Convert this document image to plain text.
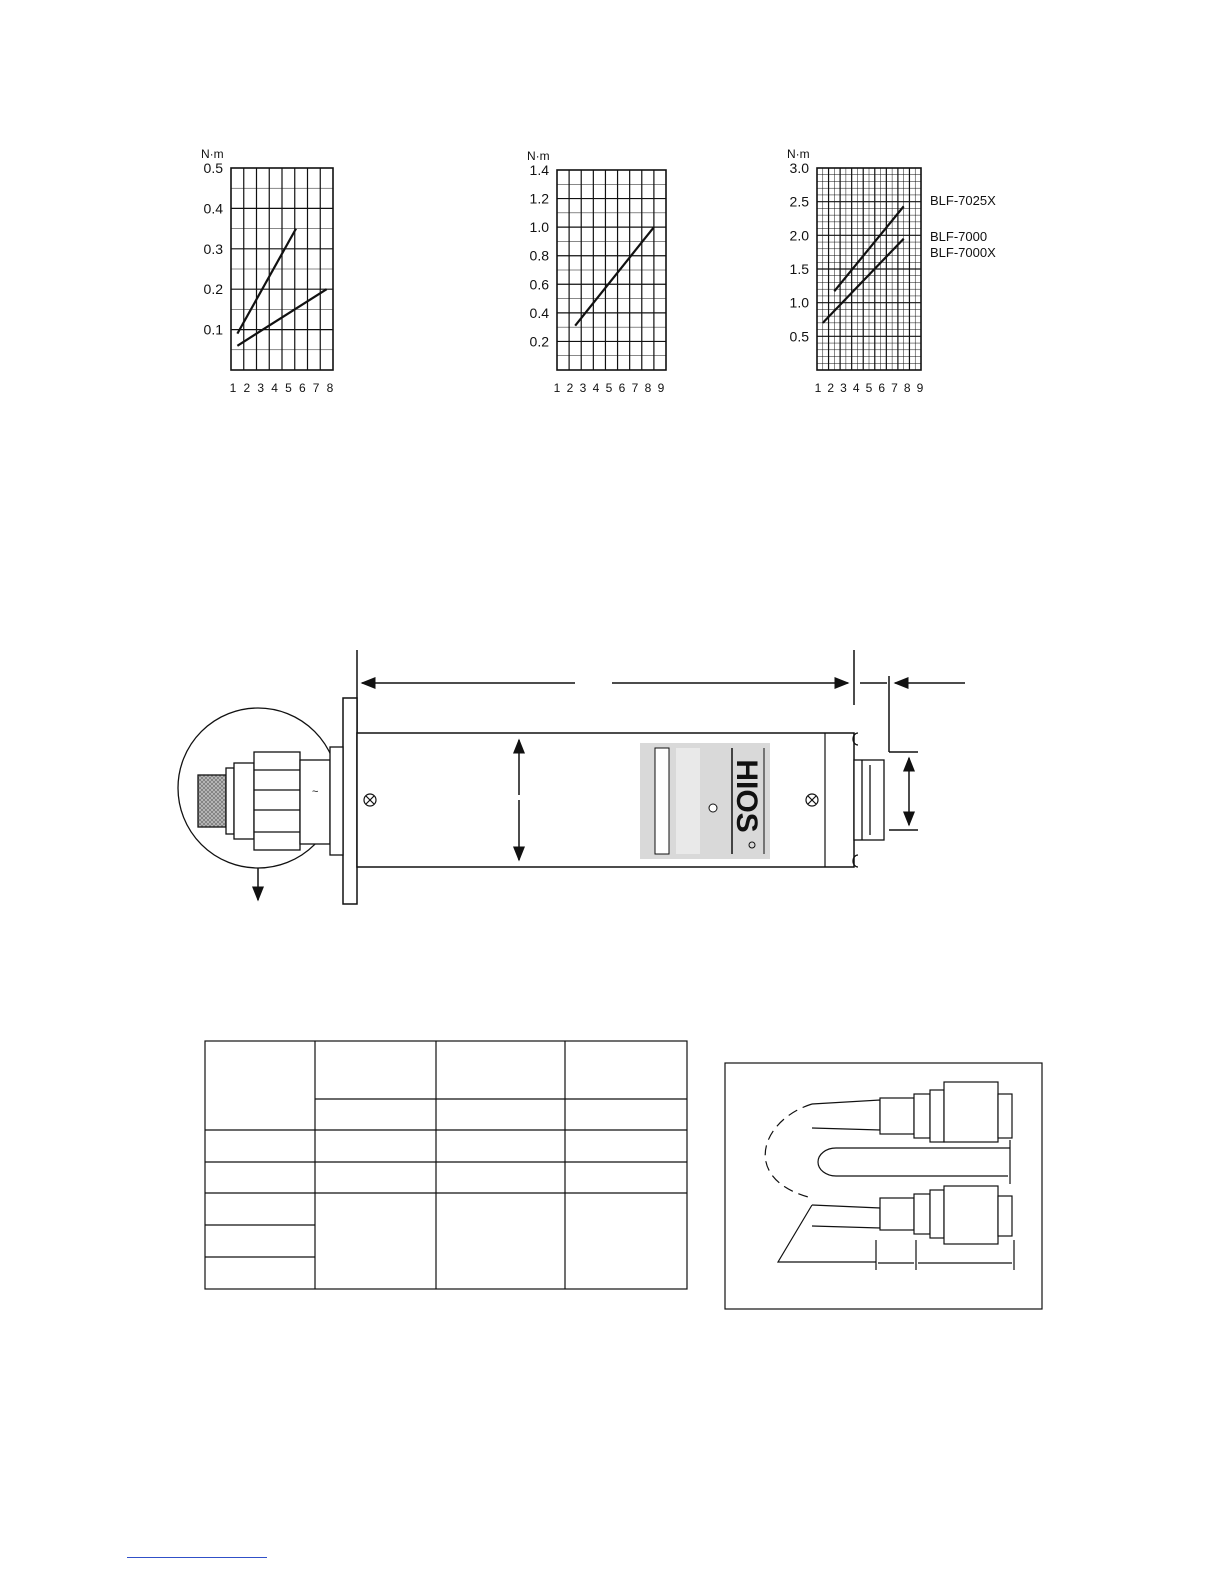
0.1
0.2
0.3
0.4
0.5
1 2 3 4 5 6 7 8
N·m
0.2
0.4
0.6
0.8
1.0
1.2
1.4
1 2 3 4 5 6 7 8 9
N·m
0.5
1.0
1.5
2.0
2.5
3.0
1 2 3 4 5 6 7 8 9
N·m
BLF-7025X
BLF-7000
BLF-7000X
HIOS
~
